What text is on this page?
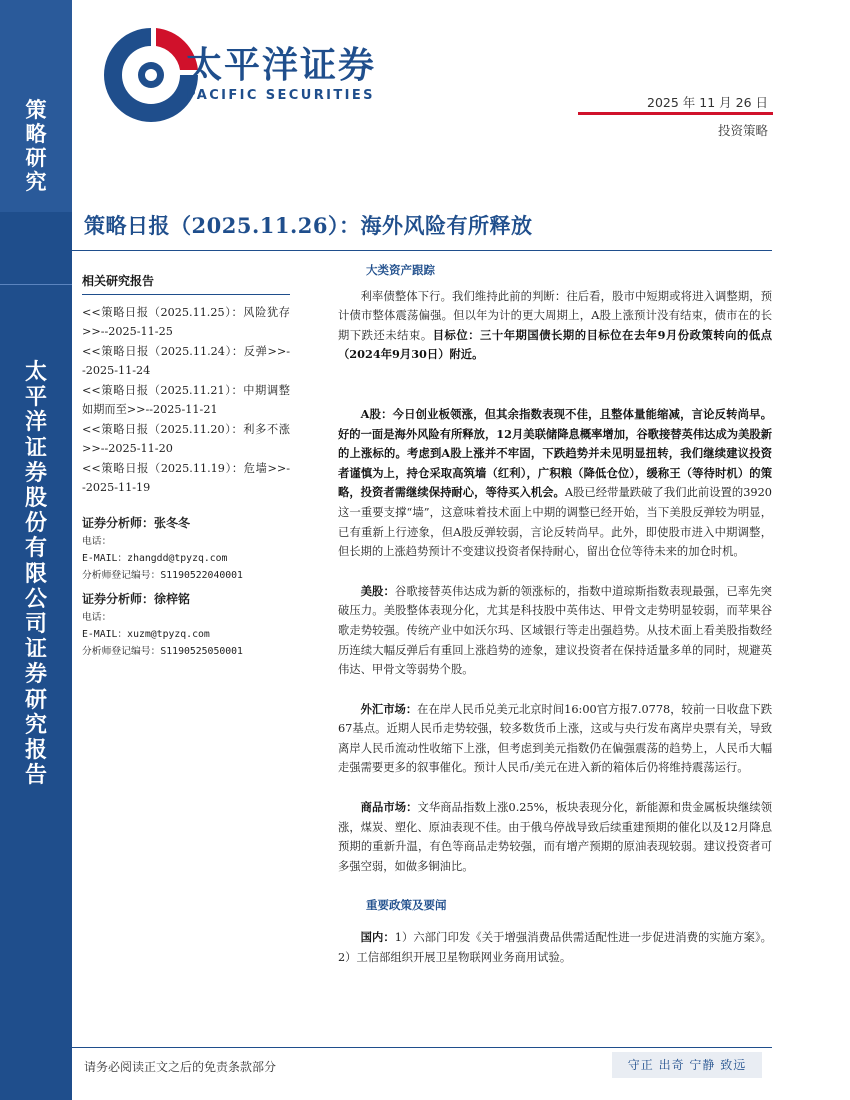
策
略
研
究
太
平
洋
证
券
股
份
有
限
公
司
证
券
研
究
报
告
太平洋证券
PACIFIC SECURITIES	2025 年 11 月 26 日
投资策略
策略日报（2025.11.26）：海外风险有所释放
相关研究报告
<<策略日报（2025.11.25）：风险犹存>>--2025-11-25
<<策略日报（2025.11.24）：反弹>>--2025-11-24
<<策略日报（2025.11.21）：中期调整如期而至>>--2025-11-21
<<策略日报（2025.11.20）：利多不涨>>--2025-11-20
<<策略日报（2025.11.19）：危墙>>--2025-11-19
证券分析师：张冬冬
电话：
E-MAIL：zhangdd@tpyzq.com
分析师登记编号：S1190522040001
证券分析师：徐梓铭
电话：
E-MAIL：xuzm@tpyzq.com
分析师登记编号：S1190525050001
大类资产跟踪

利率债整体下行。我们维持此前的判断：往后看，股市中短期或将进入调整期，预计债市整体震荡偏强。但以年为计的更大周期上，A股上涨预计没有结束，债市在的长期下跌还未结束。目标位：三十年期国债长期的目标位在去年9月份政策转向的低点（2024年9月30日）附近。

A股：今日创业板领涨，但其余指数表现不佳，且整体量能缩减，言论反转尚早。好的一面是海外风险有所释放，12月美联储降息概率增加，谷歌接替英伟达成为美股新的上涨标的。考虑到A股上涨并不牢固，下跌趋势并未见明显扭转，我们继续建议投资者谨慎为上，持仓采取高筑墙（红利），广积粮（降低仓位），缓称王（等待时机）的策略，投资者需继续保持耐心，等待买入机会。A股已经带量跌破了我们此前设置的3920这一重要支撑“墙”，这意味着技术面上中期的调整已经开始，当下美股反弹较为明显，已有重新上行迹象，但A股反弹较弱，言论反转尚早。此外，即使股市进入中期调整，但长期的上涨趋势预计不变建议投资者保持耐心，留出仓位等待未来的加仓时机。

美股：谷歌接替英伟达成为新的领涨标的，指数中道琼斯指数表现最强，已率先突破压力。美股整体表现分化，尤其是科技股中英伟达、甲骨文走势明显较弱，而苹果谷歌走势较强。传统产业中如沃尔玛、区域银行等走出强趋势。从技术面上看美股指数经历连续大幅反弹后有重回上涨趋势的迹象，建议投资者在保持适量多单的同时，规避英伟达、甲骨文等弱势个股。

外汇市场：在在岸人民币兑美元北京时间16:00官方报7.0778，较前一日收盘下跌67基点。近期人民币走势较强，较多数货币上涨，这或与央行发布离岸央票有关，导致离岸人民币流动性收缩下上涨，但考虑到美元指数仍在偏强震荡的趋势上，人民币大幅走强需要更多的叙事催化。预计人民币/美元在进入新的箱体后仍将维持震荡运行。

商品市场：文华商品指数上涨0.25%，板块表现分化，新能源和贵金属板块继续领涨，煤炭、塑化、原油表现不佳。由于俄乌停战导致后续重建预期的催化以及12月降息预期的重新升温，有色等商品走势较强，而有增产预期的原油表现较弱。建议投资者可多强空弱，如做多铜油比。

重要政策及要闻

国内：1）六部门印发《关于增强消费品供需适配性进一步促进消费的实施方案》。 2）工信部组织开展卫星物联网业务商用试验。

请务必阅读正文之后的免责条款部分	守正 出奇 宁静 致远
